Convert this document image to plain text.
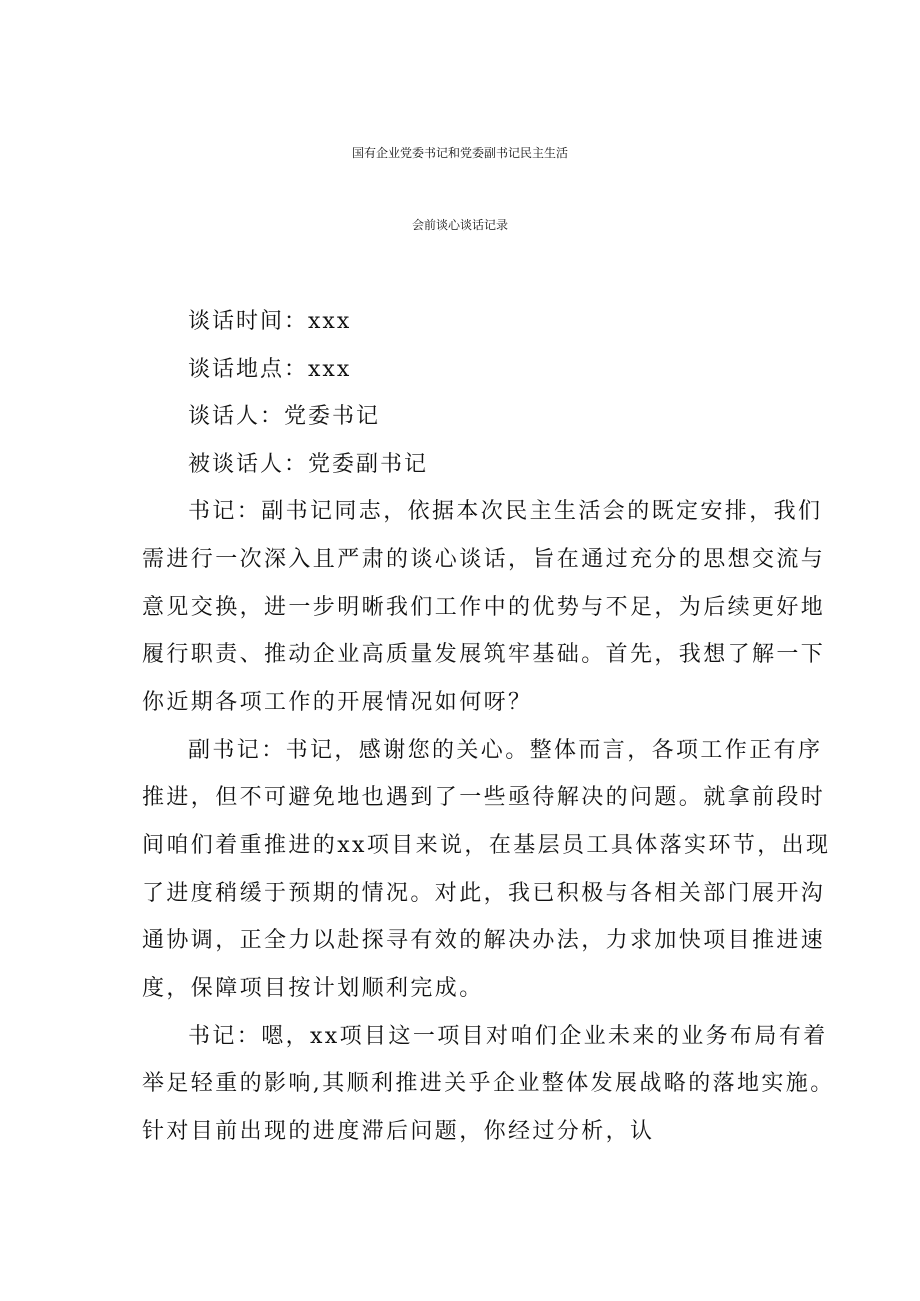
国有企业党委书记和党委副书记民主生活
会前谈心谈话记录
谈话时间：xxx
谈话地点：xxx
谈话人：党委书记
被谈话人：党委副书记
书记：副书记同志，依据本次民主生活会的既定安排，我们
需进行一次深入且严肃的谈心谈话，旨在通过充分的思想交流与
意见交换，进一步明晰我们工作中的优势与不足，为后续更好地
履行职责、推动企业高质量发展筑牢基础。首先，我想了解一下
你近期各项工作的开展情况如何呀？
副书记：书记，感谢您的关心。整体而言，各项工作正有序
推进，但不可避免地也遇到了一些亟待解决的问题。就拿前段时
间咱们着重推进的xx项目来说，在基层员工具体落实环节，出现
了进度稍缓于预期的情况。对此，我已积极与各相关部门展开沟
通协调，正全力以赴探寻有效的解决办法，力求加快项目推进速
度，保障项目按计划顺利完成。
书记：嗯，xx项目这一项目对咱们企业未来的业务布局有着
举足轻重的影响,其顺利推进关乎企业整体发展战略的落地实施。
针对目前出现的进度滞后问题，你经过分析，认
